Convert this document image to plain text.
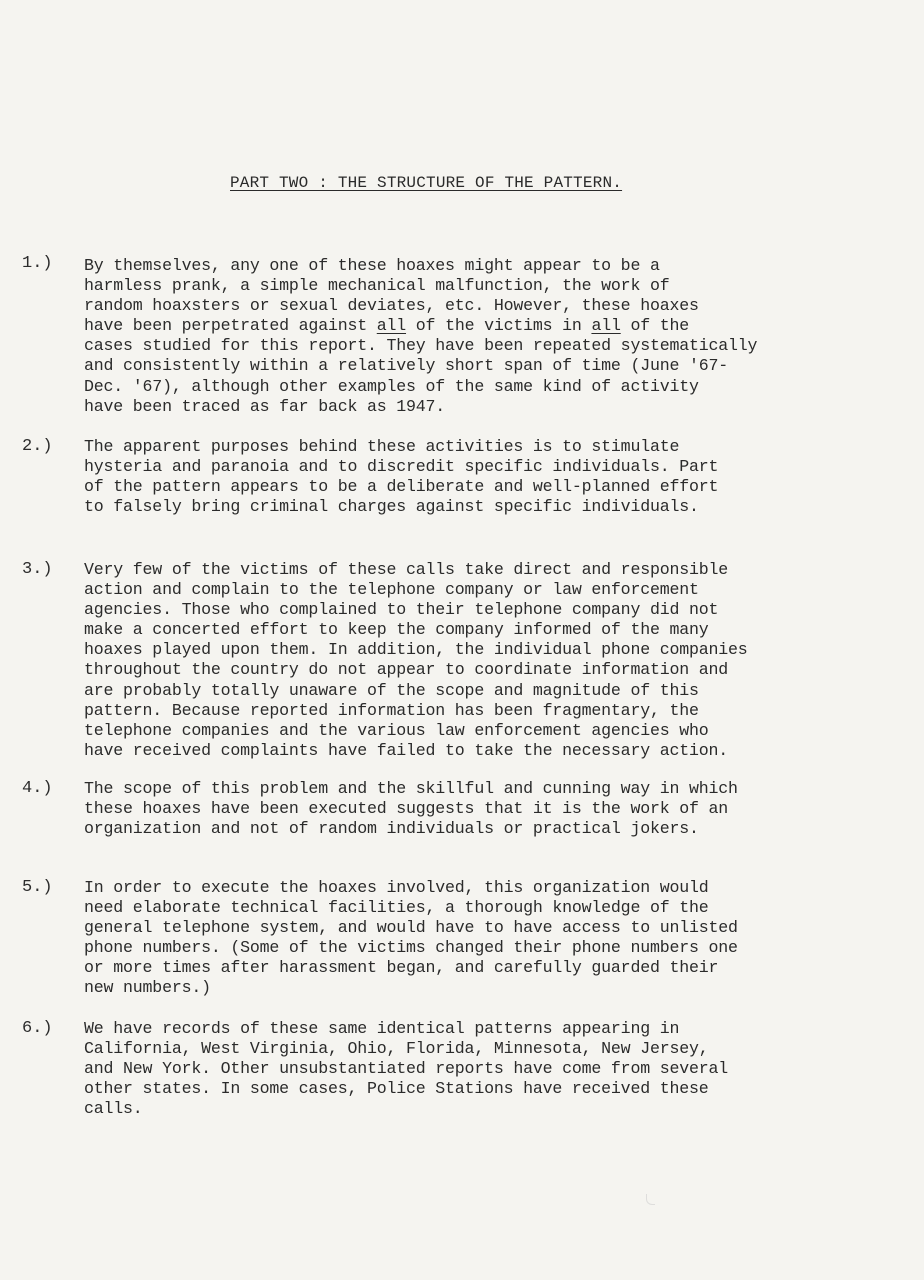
PART TWO : THE STRUCTURE OF THE PATTERN.
1.)	By themselves, any one of these hoaxes might appear to be a
harmless prank, a simple mechanical malfunction, the work of
random hoaxsters or sexual deviates, etc. However, these hoaxes
have been perpetrated against all of the victims in all of the
cases studied for this report. They have been repeated systematically
and consistently within a relatively short span of time (June '67-
Dec. '67), although other examples of the same kind of activity
have been traced as far back as 1947.
2.)	The apparent purposes behind these activities is to stimulate
hysteria and paranoia and to discredit specific individuals. Part
of the pattern appears to be a deliberate and well-planned effort
to falsely bring criminal charges against specific individuals.
3.)	Very few of the victims of these calls take direct and responsible
action and complain to the telephone company or law enforcement
agencies. Those who complained to their telephone company did not
make a concerted effort to keep the company informed of the many
hoaxes played upon them. In addition, the individual phone companies
throughout the country do not appear to coordinate information and
are probably totally unaware of the scope and magnitude of this
pattern. Because reported information has been fragmentary, the
telephone companies and the various law enforcement agencies who
have received complaints have failed to take the necessary action.
4.)	The scope of this problem and the skillful and cunning way in which
these hoaxes have been executed suggests that it is the work of an
organization and not of random individuals or practical jokers.
5.)	In order to execute the hoaxes involved, this organization would
need elaborate technical facilities, a thorough knowledge of the
general telephone system, and would have to have access to unlisted
phone numbers. (Some of the victims changed their phone numbers one
or more times after harassment began, and carefully guarded their
new numbers.)
6.)	We have records of these same identical patterns appearing in
California, West Virginia, Ohio, Florida, Minnesota, New Jersey,
and New York. Other unsubstantiated reports have come from several
other states. In some cases, Police Stations have received these
calls.
